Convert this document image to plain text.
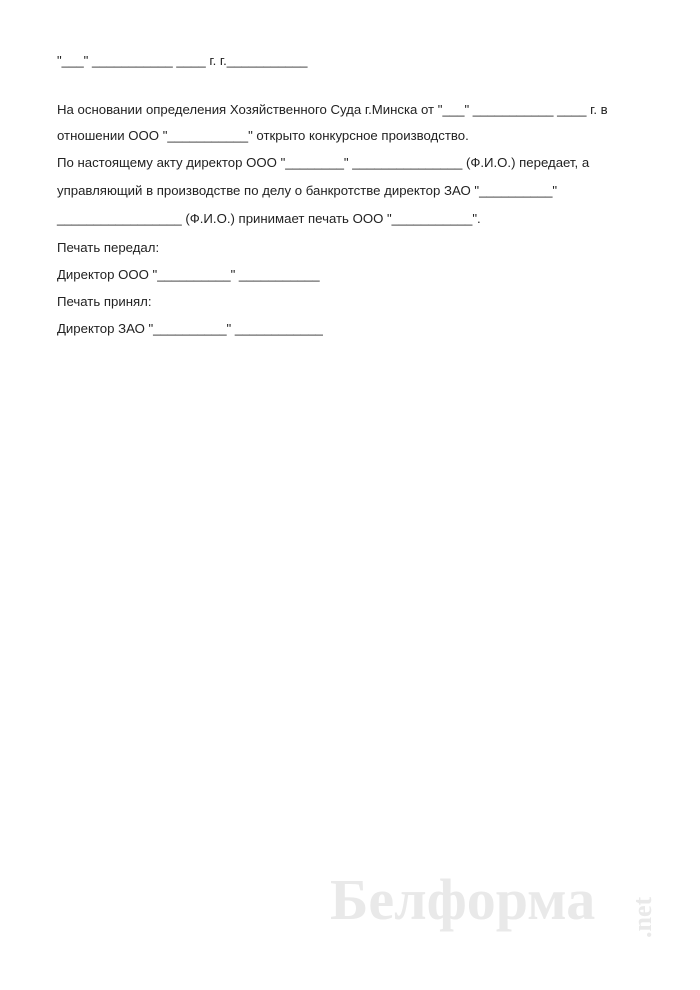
"___" ___________ ____ г. г.___________
На основании определения Хозяйственного Суда г.Минска от "___" ___________ ____ г. в
отношении ООО "___________" открыто конкурсное производство.
По настоящему акту директор ООО "________" _______________ (Ф.И.О.) передает, а
управляющий в производстве по делу о банкротстве директор ЗАО "__________"
_________________ (Ф.И.О.) принимает печать ООО "___________".
Печать передал:
Директор ООО "__________" ___________
Печать принял:
Директор ЗАО "__________" ____________
Белформа .net
